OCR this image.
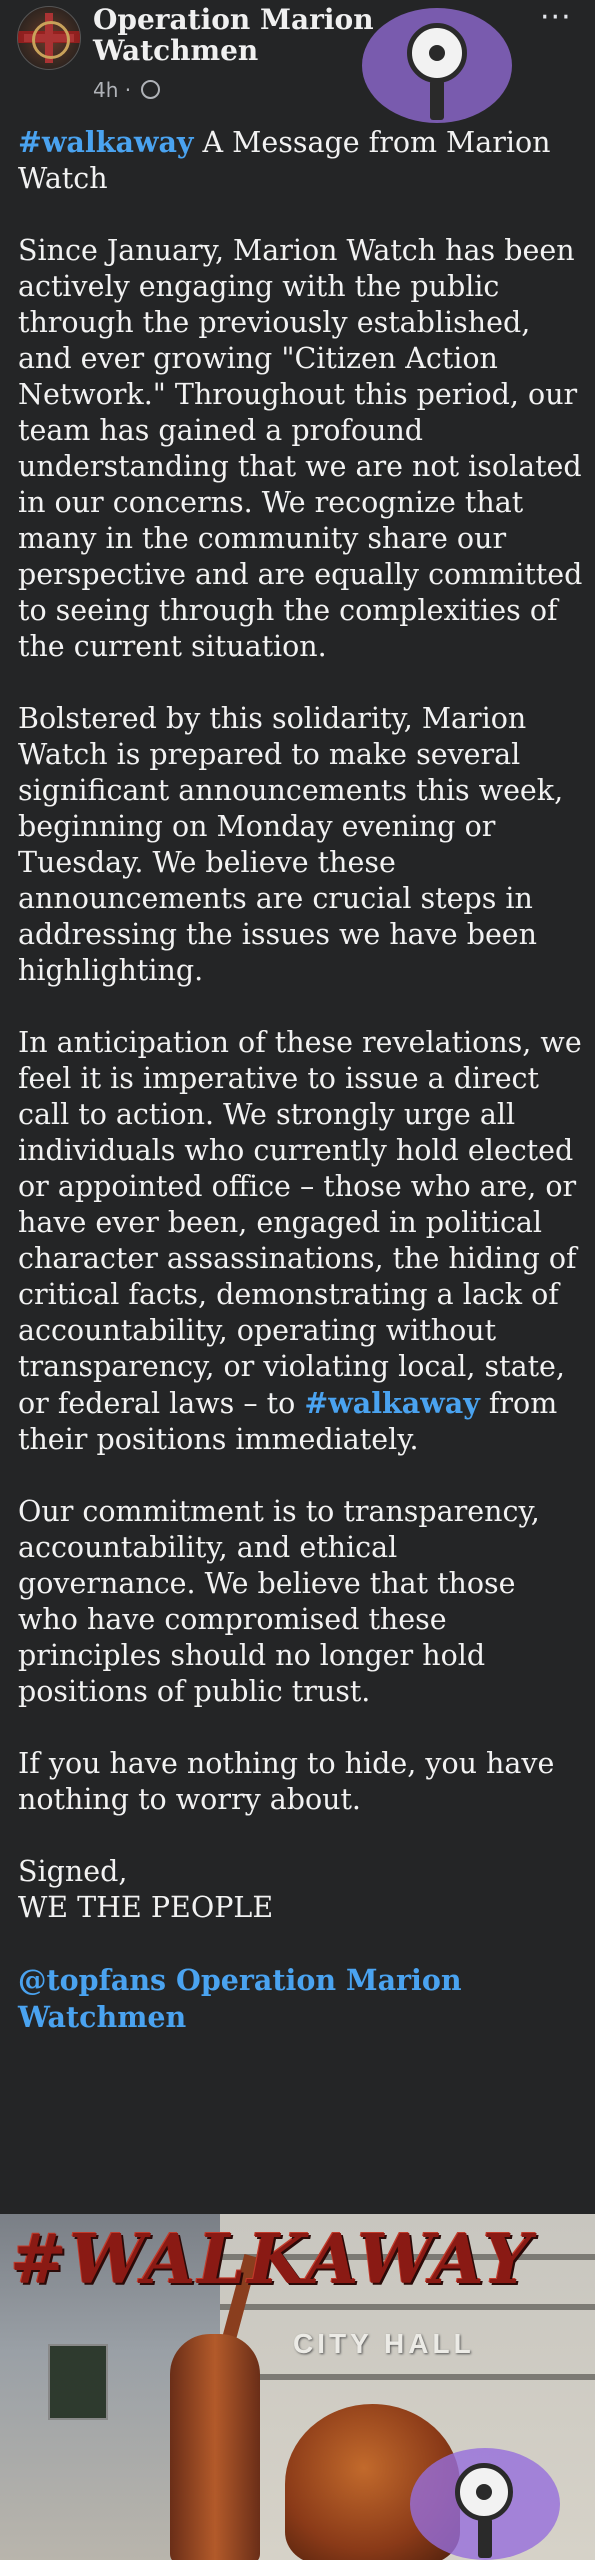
Operation Marion Watchmen
4h ·
···

#walkaway A Message from Marion Watch

Since January, Marion Watch has been actively engaging with the public through the previously established, and ever growing "Citizen Action Network." Throughout this period, our team has gained a profound understanding that we are not isolated in our concerns. We recognize that many in the community share our perspective and are equally committed to seeing through the complexities of the current situation.

Bolstered by this solidarity, Marion Watch is prepared to make several significant announcements this week, beginning on Monday evening or Tuesday. We believe these announcements are crucial steps in addressing the issues we have been highlighting.

In anticipation of these revelations, we feel it is imperative to issue a direct call to action. We strongly urge all individuals who currently hold elected or appointed office – those who are, or have ever been, engaged in political character assassinations, the hiding of critical facts, demonstrating a lack of accountability, operating without transparency, or violating local, state, or federal laws – to #walkaway from their positions immediately.

Our commitment is to transparency, accountability, and ethical governance. We believe that those who have compromised these principles should no longer hold positions of public trust.

If you have nothing to hide, you have nothing to worry about.

Signed,
WE THE PEOPLE

@topfans Operation Marion Watchmen

CITY HALL
#WALKAWAY
